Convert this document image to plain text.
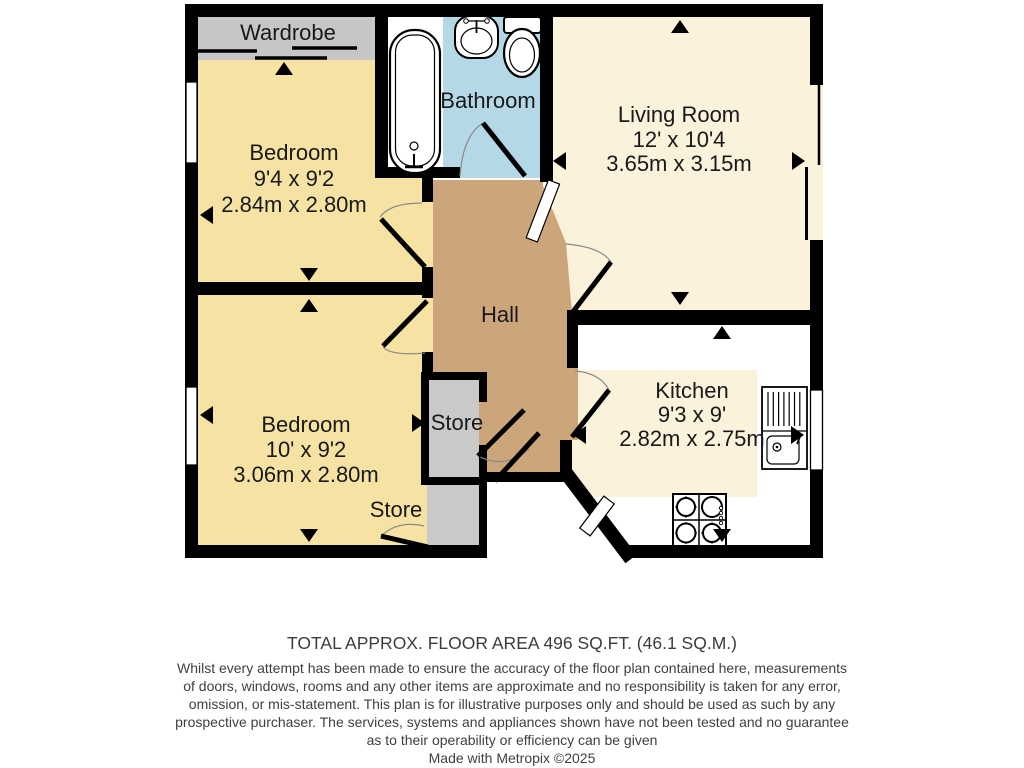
Wardrobe
Bathroom
Bedroom
9'4 x 9'2
2.84m x 2.80m
Living Room
12' x 10'4
3.65m x 3.15m
Hall
Bedroom
10' x 9'2
3.06m x 2.80m
Kitchen
9'3 x 9'
2.82m x 2.75m
Store
Store
TOTAL APPROX. FLOOR AREA 496 SQ.FT. (46.1 SQ.M.)
Whilst every attempt has been made to ensure the accuracy of the floor plan contained here, measurements
of doors, windows, rooms and any other items are approximate and no responsibility is taken for any error,
omission, or mis-statement. This plan is for illustrative purposes only and should be used as such by any
prospective purchaser. The services, systems and appliances shown have not been tested and no guarantee
as to their operability or efficiency can be given
Made with Metropix ©2025
